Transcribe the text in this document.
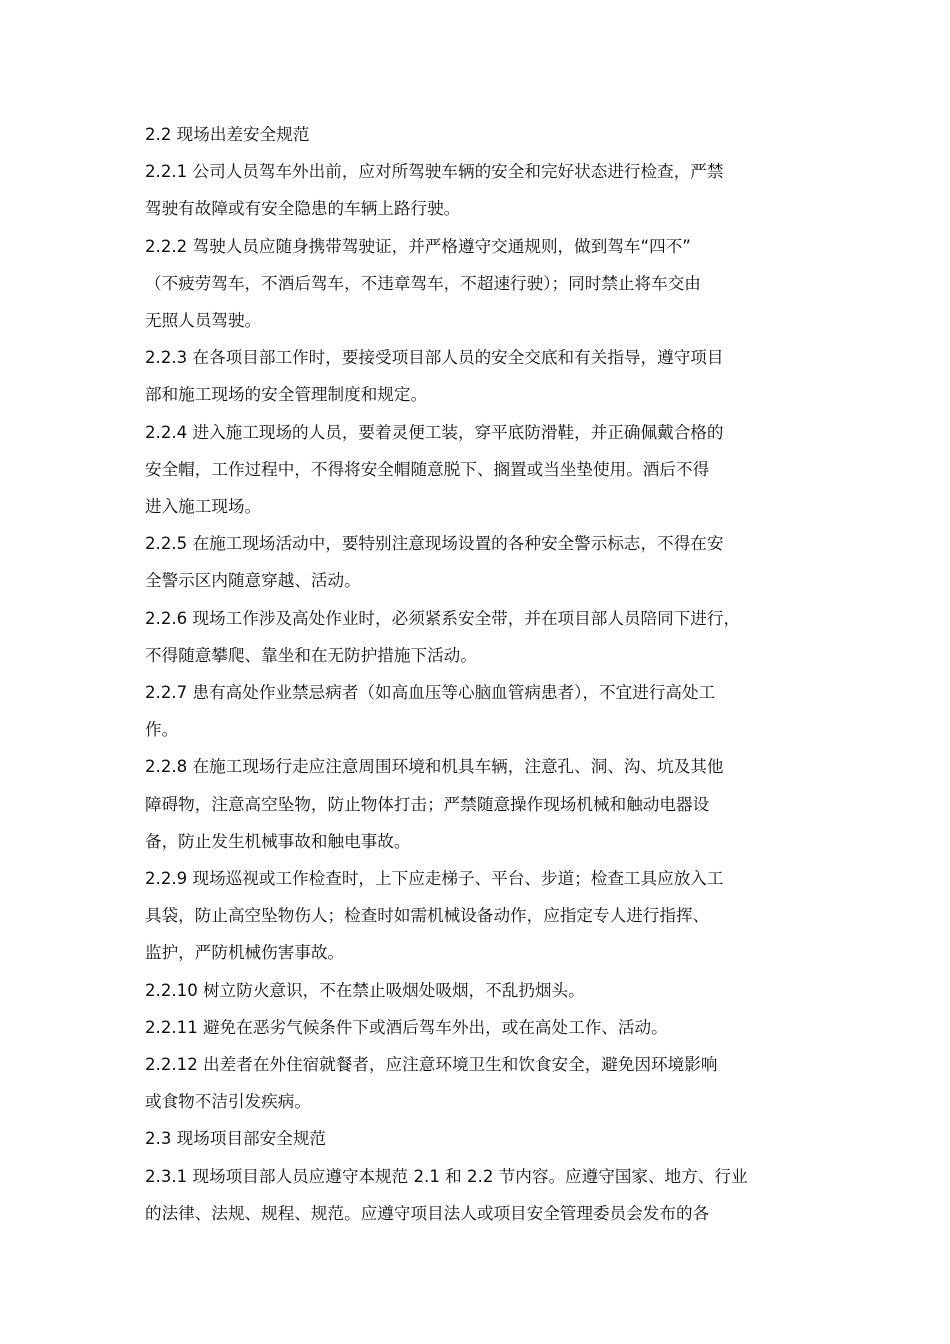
2.2 现场出差安全规范
2.2.1 公司人员驾车外出前，应对所驾驶车辆的安全和完好状态进行检查，严禁
驾驶有故障或有安全隐患的车辆上路行驶。
2.2.2 驾驶人员应随身携带驾驶证，并严格遵守交通规则，做到驾车“四不”
（不疲劳驾车，不酒后驾车，不违章驾车，不超速行驶）；同时禁止将车交由
无照人员驾驶。
2.2.3 在各项目部工作时，要接受项目部人员的安全交底和有关指导，遵守项目
部和施工现场的安全管理制度和规定。
2.2.4 进入施工现场的人员，要着灵便工装，穿平底防滑鞋，并正确佩戴合格的
安全帽，工作过程中，不得将安全帽随意脱下、搁置或当坐垫使用。酒后不得
进入施工现场。
2.2.5 在施工现场活动中，要特别注意现场设置的各种安全警示标志，不得在安
全警示区内随意穿越、活动。
2.2.6 现场工作涉及高处作业时，必须紧系安全带，并在项目部人员陪同下进行，
不得随意攀爬、靠坐和在无防护措施下活动。
2.2.7 患有高处作业禁忌病者（如高血压等心脑血管病患者），不宜进行高处工
作。
2.2.8 在施工现场行走应注意周围环境和机具车辆，注意孔、洞、沟、坑及其他
障碍物，注意高空坠物，防止物体打击；严禁随意操作现场机械和触动电器设
备，防止发生机械事故和触电事故。
2.2.9 现场巡视或工作检查时，上下应走梯子、平台、步道；检查工具应放入工
具袋，防止高空坠物伤人；检查时如需机械设备动作，应指定专人进行指挥、
监护，严防机械伤害事故。
2.2.10 树立防火意识，不在禁止吸烟处吸烟，不乱扔烟头。
2.2.11 避免在恶劣气候条件下或酒后驾车外出，或在高处工作、活动。
2.2.12 出差者在外住宿就餐者，应注意环境卫生和饮食安全，避免因环境影响
或食物不洁引发疾病。
2.3 现场项目部安全规范
2.3.1 现场项目部人员应遵守本规范 2.1 和 2.2 节内容。应遵守国家、地方、行业
的法律、法规、规程、规范。应遵守项目法人或项目安全管理委员会发布的各
